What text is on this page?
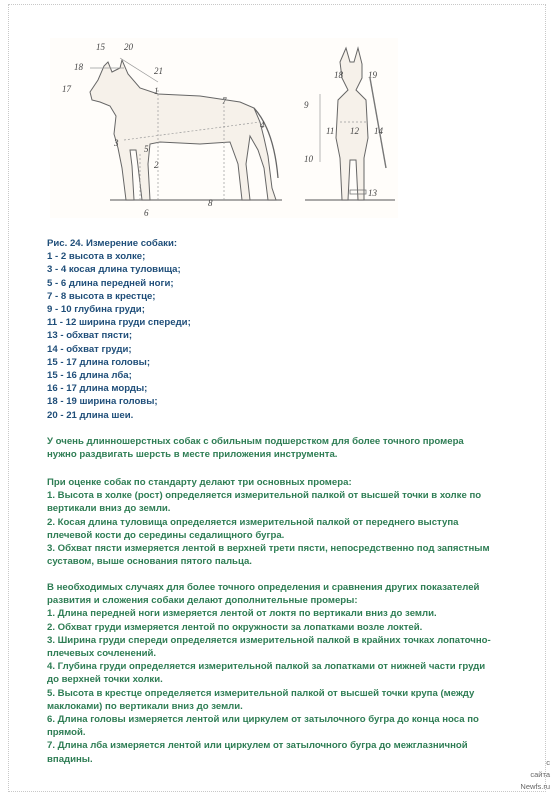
15 20
18	21
17	1
7
4
3
5
2
6
8
18	19
9
11 12 14
10
13

Рис. 24. Измерение собаки:

1 - 2 высота в холке;

3 - 4 косая длина туловища;

5 - 6 длина передней ноги;

7 - 8 высота в крестце;

9 - 10 глубина груди;

11 - 12 ширина груди спереди;

13 - обхват пясти;

14 - обхват груди;

15 - 17 длина головы;

15 - 16 длина лба;

16 - 17 длина морды;

18 - 19 ширина головы;

20 - 21 длина шеи.

У очень длинношерстных собак с обильным подшерстком для более точного промера

нужно раздвигать шерсть в месте приложения инструмента.

При оценке собак по стандарту делают три основных промера:

1. Высота в холке (рост) определяется измерительной палкой от высшей точки в холке по

вертикали вниз до земли.

2. Косая длина туловища определяется измерительной палкой от переднего выступа

плечевой кости до середины седалищного бугра.

3. Обхват пясти измеряется лентой в верхней трети пясти, непосредственно под запястным

суставом, выше основания пятого пальца.

В необходимых случаях для более точного определения и сравнения других показателей

развития и сложения собаки делают дополнительные промеры:

1. Длина передней ноги измеряется лентой от локтя по вертикали вниз до земли.

2. Обхват груди измеряется лентой по окружности за лопатками возле локтей.

3. Ширина груди спереди определяется измерительной палкой в крайних точках лопаточно-

плечевых сочленений.

4. Глубина груди определяется измерительной палкой за лопатками от нижней части груди

до верхней точки холки.

5. Высота в крестце определяется измерительной палкой от высшей точки крупа (между

маклоками) по вертикали вниз до земли.

6. Длина головы измеряется лентой или циркулем от затылочного бугра до конца носа по

прямой.

7. Длина лба измеряется лентой или циркулем от затылочного бугра до межглазничной

впадины.	с
сайта
Newfs.ru
